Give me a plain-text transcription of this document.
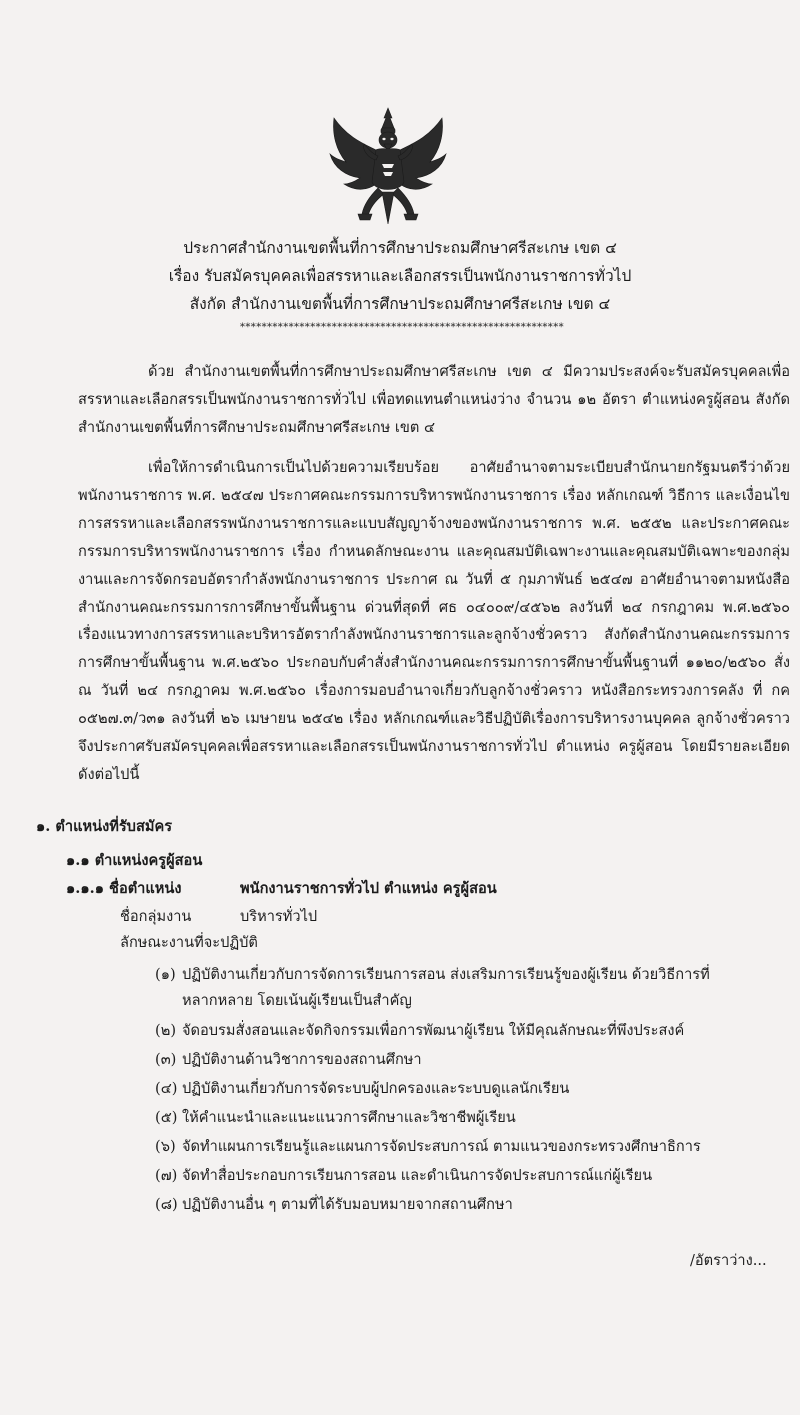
ประกาศสำนักงานเขตพื้นที่การศึกษาประถมศึกษาศรีสะเกษ เขต ๔
เรื่อง รับสมัครบุคคลเพื่อสรรหาและเลือกสรรเป็นพนักงานราชการทั่วไป
สังกัด สำนักงานเขตพื้นที่การศึกษาประถมศึกษาศรีสะเกษ เขต ๔
************************************************************
ด้วย สำนักงานเขตพื้นที่การศึกษาประถมศึกษาศรีสะเกษ เขต ๔ มีความประสงค์จะรับสมัครบุคคลเพื่อสรรหาและเลือกสรรเป็นพนักงานราชการทั่วไป เพื่อทดแทนตำแหน่งว่าง จำนวน ๑๒ อัตรา ตำแหน่งครูผู้สอน สังกัดสำนักงานเขตพื้นที่การศึกษาประถมศึกษาศรีสะเกษ เขต ๔
เพื่อให้การดำเนินการเป็นไปด้วยความเรียบร้อย อาศัยอำนาจตามระเบียบสำนักนายกรัฐมนตรีว่าด้วยพนักงานราชการ พ.ศ. ๒๕๔๗ ประกาศคณะกรรมการบริหารพนักงานราชการ เรื่อง หลักเกณฑ์ วิธีการ และเงื่อนไขการสรรหาและเลือกสรรพนักงานราชการและแบบสัญญาจ้างของพนักงานราชการ พ.ศ. ๒๕๕๒ และประกาศคณะกรรมการบริหารพนักงานราชการ เรื่อง กำหนดลักษณะงาน และคุณสมบัติเฉพาะงานและคุณสมบัติเฉพาะของกลุ่มงานและการจัดกรอบอัตรากำลังพนักงานราชการ ประกาศ ณ วันที่ ๕ กุมภาพันธ์ ๒๕๔๗ อาศัยอำนาจตามหนังสือสำนักงานคณะกรรมการการศึกษาขั้นพื้นฐาน ด่วนที่สุดที่ ศธ ๐๔๐๐๙/๔๕๖๒ ลงวันที่ ๒๔ กรกฎาคม พ.ศ.๒๕๖๐ เรื่องแนวทางการสรรหาและบริหารอัตรากำลังพนักงานราชการและลูกจ้างชั่วคราว สังกัดสำนักงานคณะกรรมการการศึกษาขั้นพื้นฐาน พ.ศ.๒๕๖๐ ประกอบกับคำสั่งสำนักงานคณะกรรมการการศึกษาขั้นพื้นฐานที่ ๑๑๒๐/๒๕๖๐ สั่ง ณ วันที่ ๒๔ กรกฎาคม พ.ศ.๒๕๖๐ เรื่องการมอบอำนาจเกี่ยวกับลูกจ้างชั่วคราว หนังสือกระทรวงการคลัง ที่ กค ๐๕๒๗.๓/ว๓๑ ลงวันที่ ๒๖ เมษายน ๒๕๔๒ เรื่อง หลักเกณฑ์และวิธีปฏิบัติเรื่องการบริหารงานบุคคล ลูกจ้างชั่วคราว จึงประกาศรับสมัครบุคคลเพื่อสรรหาและเลือกสรรเป็นพนักงานราชการทั่วไป ตำแหน่ง ครูผู้สอน โดยมีรายละเอียดดังต่อไปนี้
๑. ตำแหน่งที่รับสมัคร
๑.๑ ตำแหน่งครูผู้สอน
๑.๑.๑ ชื่อตำแหน่ง	พนักงานราชการทั่วไป ตำแหน่ง ครูผู้สอน
ชื่อกลุ่มงาน	บริหารทั่วไป
ลักษณะงานที่จะปฏิบัติ
(๑) ปฏิบัติงานเกี่ยวกับการจัดการเรียนการสอน ส่งเสริมการเรียนรู้ของผู้เรียน ด้วยวิธีการที่
หลากหลาย โดยเน้นผู้เรียนเป็นสำคัญ
(๒) จัดอบรมสั่งสอนและจัดกิจกรรมเพื่อการพัฒนาผู้เรียน ให้มีคุณลักษณะที่พึงประสงค์
(๓) ปฏิบัติงานด้านวิชาการของสถานศึกษา
(๔) ปฏิบัติงานเกี่ยวกับการจัดระบบผู้ปกครองและระบบดูแลนักเรียน
(๕) ให้คำแนะนำและแนะแนวการศึกษาและวิชาชีพผู้เรียน
(๖) จัดทำแผนการเรียนรู้และแผนการจัดประสบการณ์ ตามแนวของกระทรวงศึกษาธิการ
(๗) จัดทำสื่อประกอบการเรียนการสอน และดำเนินการจัดประสบการณ์แก่ผู้เรียน
(๘) ปฏิบัติงานอื่น ๆ ตามที่ได้รับมอบหมายจากสถานศึกษา
/อัตราว่าง...
